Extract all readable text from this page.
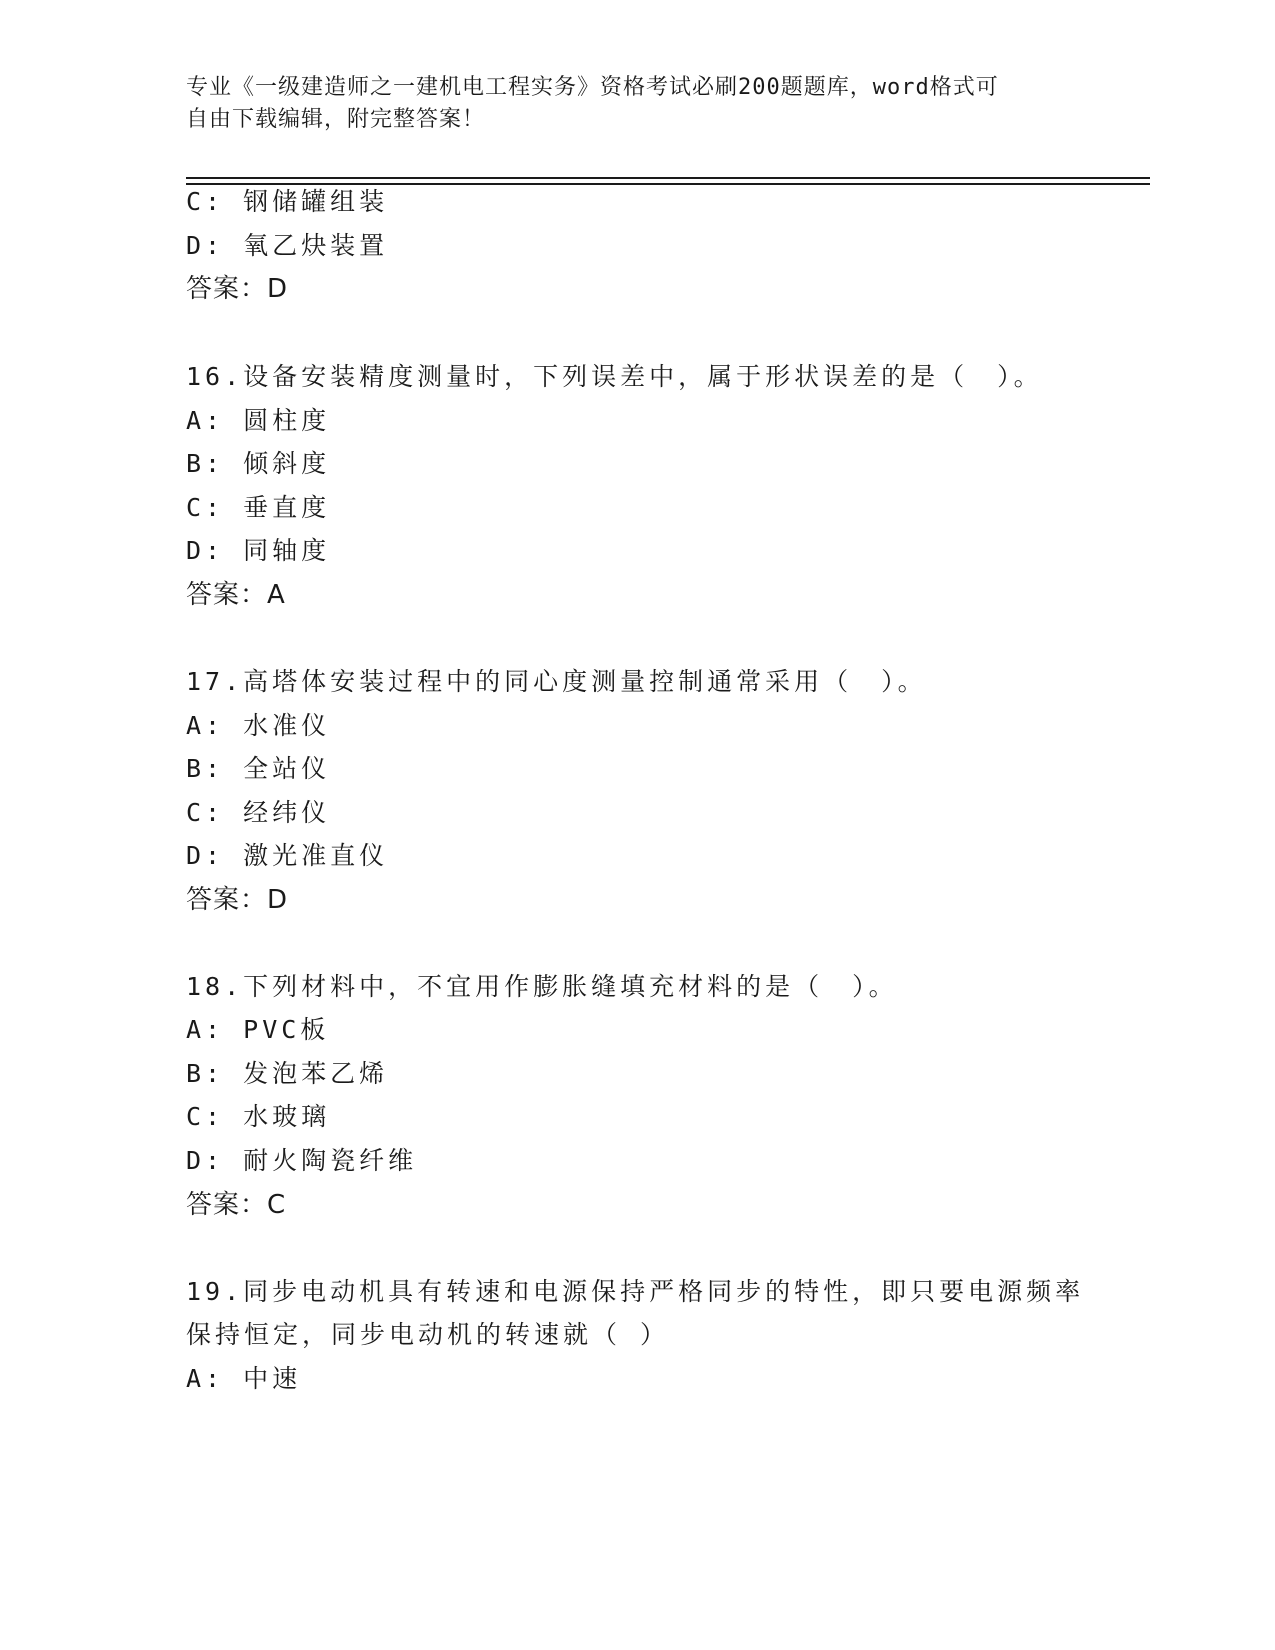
专业《一级建造师之一建机电工程实务》资格考试必刷200题题库，word格式可
自由下载编辑，附完整答案！
C: 钢储罐组装
D: 氧乙炔装置
答案：D
16.设备安装精度测量时，下列误差中，属于形状误差的是（　）。
A: 圆柱度
B: 倾斜度
C: 垂直度
D: 同轴度
答案：A
17.高塔体安装过程中的同心度测量控制通常采用（　）。
A: 水准仪
B: 全站仪
C: 经纬仪
D: 激光准直仪
答案：D
18.下列材料中，不宜用作膨胀缝填充材料的是（　）。
A: PVC板
B: 发泡苯乙烯
C: 水玻璃
D: 耐火陶瓷纤维
答案：C
19.同步电动机具有转速和电源保持严格同步的特性，即只要电源频率
保持恒定，同步电动机的转速就（ ）
A: 中速
